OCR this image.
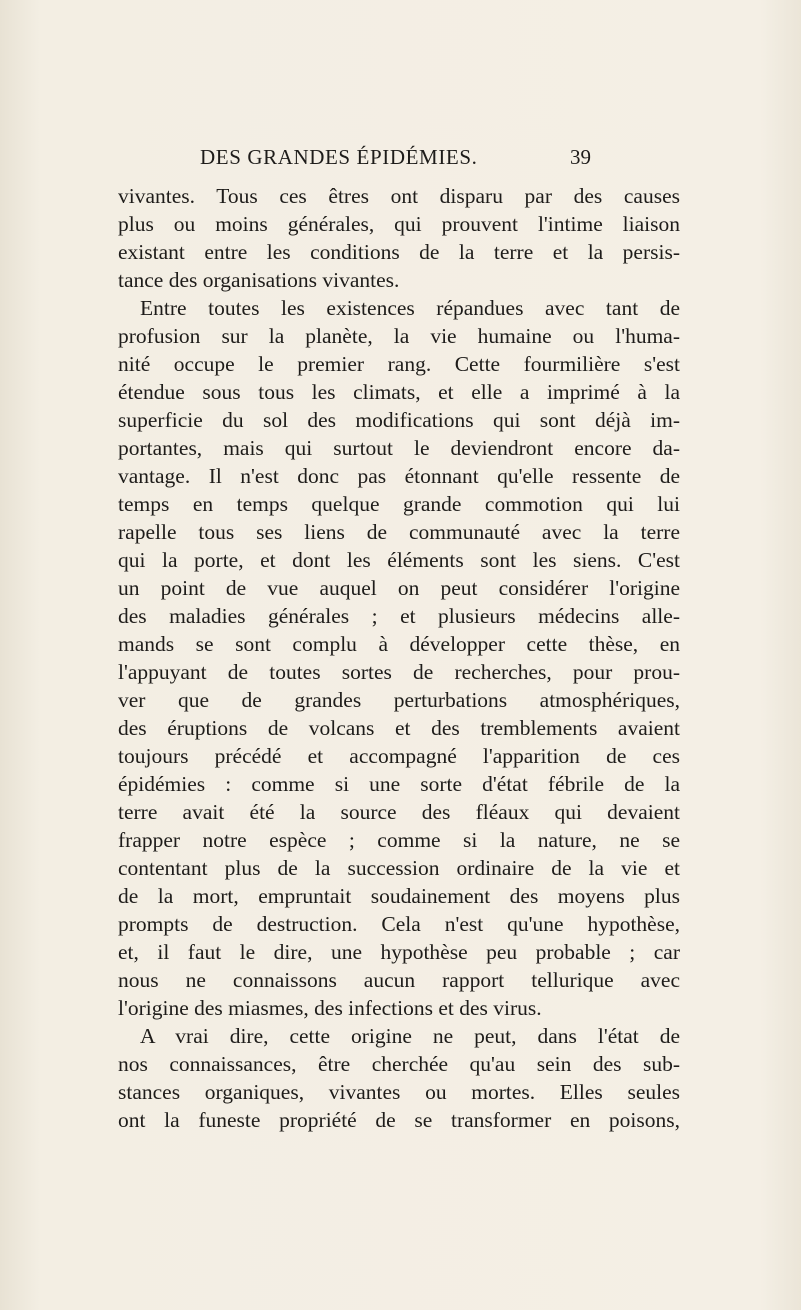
DES GRANDES ÉPIDÉMIES.	39
vivantes. Tous ces êtres ont disparu par des causes
plus ou moins générales, qui prouvent l'intime liaison
existant entre les conditions de la terre et la persis-
tance des organisations vivantes.
Entre toutes les existences répandues avec tant de
profusion sur la planète, la vie humaine ou l'huma-
nité occupe le premier rang. Cette fourmilière s'est
étendue sous tous les climats, et elle a imprimé à la
superficie du sol des modifications qui sont déjà im-
portantes, mais qui surtout le deviendront encore da-
vantage. Il n'est donc pas étonnant qu'elle ressente de
temps en temps quelque grande commotion qui lui
rapelle tous ses liens de communauté avec la terre
qui la porte, et dont les éléments sont les siens. C'est
un point de vue auquel on peut considérer l'origine
des maladies générales ; et plusieurs médecins alle-
mands se sont complu à développer cette thèse, en
l'appuyant de toutes sortes de recherches, pour prou-
ver que de grandes perturbations atmosphériques,
des éruptions de volcans et des tremblements avaient
toujours précédé et accompagné l'apparition de ces
épidémies : comme si une sorte d'état fébrile de la
terre avait été la source des fléaux qui devaient
frapper notre espèce ; comme si la nature, ne se
contentant plus de la succession ordinaire de la vie et
de la mort, empruntait soudainement des moyens plus
prompts de destruction. Cela n'est qu'une hypothèse,
et, il faut le dire, une hypothèse peu probable ; car
nous ne connaissons aucun rapport tellurique avec
l'origine des miasmes, des infections et des virus.
A vrai dire, cette origine ne peut, dans l'état de
nos connaissances, être cherchée qu'au sein des sub-
stances organiques, vivantes ou mortes. Elles seules
ont la funeste propriété de se transformer en poisons,
